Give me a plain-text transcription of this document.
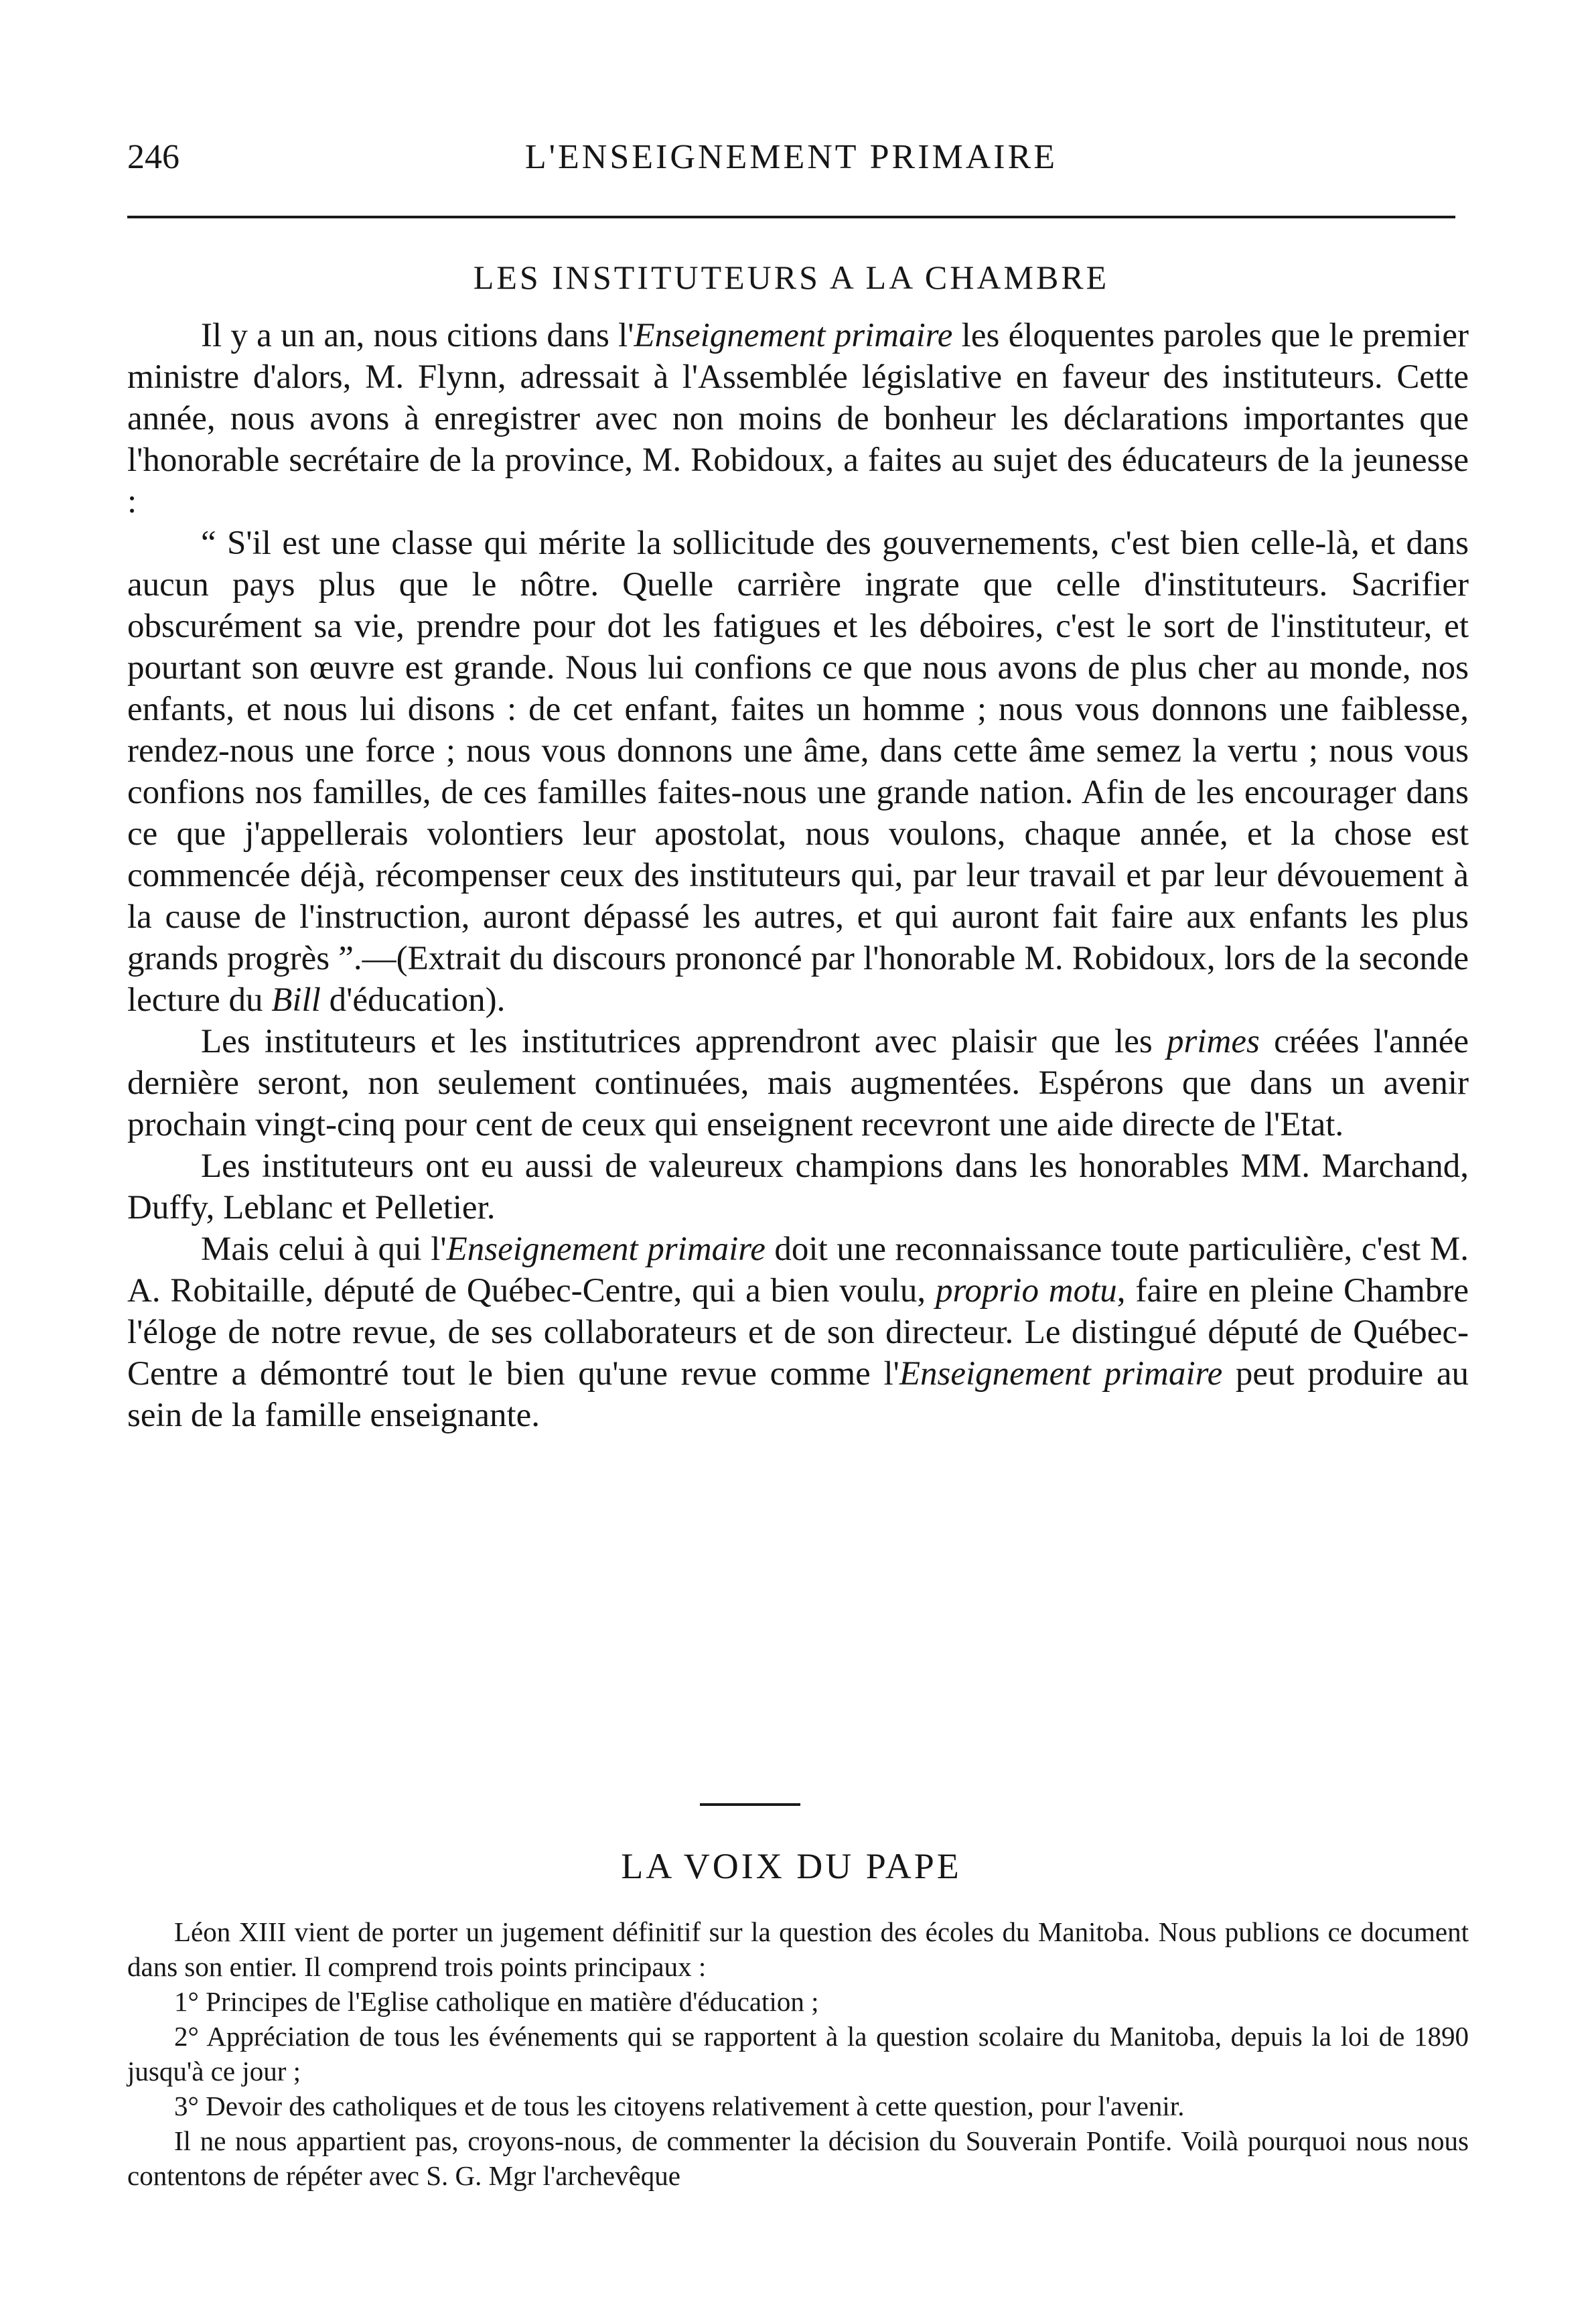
246	L'ENSEIGNEMENT PRIMAIRE
LES INSTITUTEURS A LA CHAMBRE

Il y a un an, nous citions dans l'Enseignement primaire les éloquentes paroles que le premier ministre d'alors, M. Flynn, adressait à l'Assemblée législative en faveur des instituteurs. Cette année, nous avons à enregistrer avec non moins de bonheur les déclarations importantes que l'honorable secrétaire de la province, M. Robidoux, a faites au sujet des éducateurs de la jeunesse :

“ S'il est une classe qui mérite la sollicitude des gouvernements, c'est bien celle-là, et dans aucun pays plus que le nôtre. Quelle carrière ingrate que celle d'instituteurs. Sacrifier obscurément sa vie, prendre pour dot les fatigues et les déboires, c'est le sort de l'instituteur, et pourtant son œuvre est grande. Nous lui confions ce que nous avons de plus cher au monde, nos enfants, et nous lui disons : de cet enfant, faites un homme ; nous vous donnons une faiblesse, rendez-nous une force ; nous vous donnons une âme, dans cette âme semez la vertu ; nous vous confions nos familles, de ces familles faites-nous une grande nation. Afin de les encourager dans ce que j'appellerais volontiers leur apostolat, nous voulons, chaque année, et la chose est commencée déjà, récompenser ceux des instituteurs qui, par leur travail et par leur dévouement à la cause de l'instruction, auront dépassé les autres, et qui auront fait faire aux enfants les plus grands progrès ”.—(Extrait du discours prononcé par l'honorable M. Robidoux, lors de la seconde lecture du Bill d'éducation).

Les instituteurs et les institutrices apprendront avec plaisir que les primes créées l'année dernière seront, non seulement continuées, mais augmentées. Espérons que dans un avenir prochain vingt-cinq pour cent de ceux qui enseignent recevront une aide directe de l'Etat.

Les instituteurs ont eu aussi de valeureux champions dans les honorables MM. Marchand, Duffy, Leblanc et Pelletier.

Mais celui à qui l'Enseignement primaire doit une reconnaissance toute particulière, c'est M. A. Robitaille, député de Québec-Centre, qui a bien voulu, proprio motu, faire en pleine Chambre l'éloge de notre revue, de ses collaborateurs et de son directeur. Le distingué député de Québec-Centre a démontré tout le bien qu'une revue comme l'Enseignement primaire peut produire au sein de la famille enseignante.

LA VOIX DU PAPE

Léon XIII vient de porter un jugement définitif sur la question des écoles du Manitoba. Nous publions ce document dans son entier. Il comprend trois points principaux :

1° Principes de l'Eglise catholique en matière d'éducation ;

2° Appréciation de tous les événements qui se rapportent à la question scolaire du Manitoba, depuis la loi de 1890 jusqu'à ce jour ;

3° Devoir des catholiques et de tous les citoyens relativement à cette question, pour l'avenir.

Il ne nous appartient pas, croyons-nous, de commenter la décision du Souverain Pontife. Voilà pourquoi nous nous contentons de répéter avec S. G. Mgr l'archevêque
